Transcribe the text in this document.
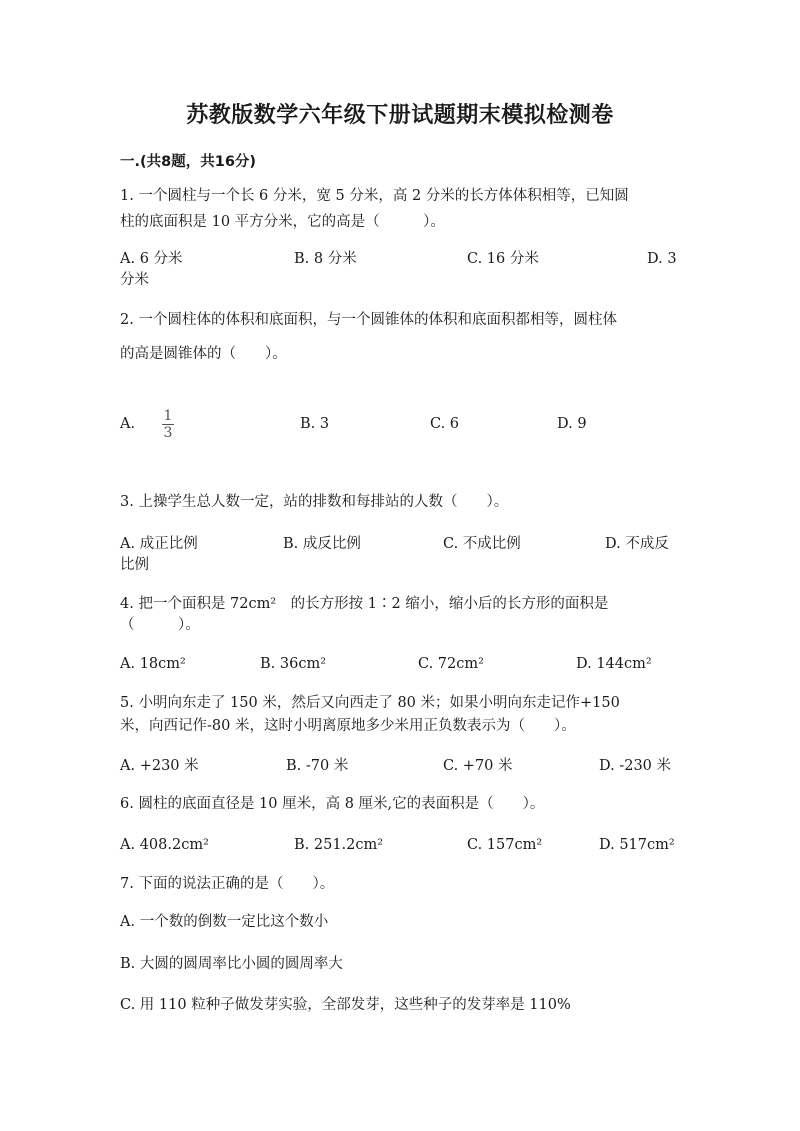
苏教版数学六年级下册试题期末模拟检测卷
一.(共8题，共16分)
1. 一个圆柱与一个长 6 分米，宽 5 分米，高 2 分米的长方体体积相等，已知圆
柱的底面积是 10 平方分米，它的高是（　　　）。
A. 6 分米	B. 8 分米	C. 16 分米	D. 3
分米
2. 一个圆柱体的体积和底面积，与一个圆锥体的体积和底面积都相等，圆柱体
的高是圆锥体的（　　）。
A.	1
3
B. 3	C. 6	D. 9
3. 上操学生总人数一定，站的排数和每排站的人数（　　）。
A. 成正比例	B. 成反比例	C. 不成比例	D. 不成反
比例
4. 把一个面积是 72cm²　的长方形按 1∶2 缩小，缩小后的长方形的面积是
（　　　）。
A. 18cm²	B. 36cm²	C. 72cm²	D. 144cm²
5. 小明向东走了 150 米，然后又向西走了 80 米；如果小明向东走记作+150
米，向西记作-80 米，这时小明离原地多少米用正负数表示为（　　）。
A. +230 米	B. -70 米	C. +70 米	D. -230 米
6. 圆柱的底面直径是 10 厘米，高 8 厘米,它的表面积是（　　）。
A. 408.2cm²	B. 251.2cm²	C. 157cm²	D. 517cm²
7. 下面的说法正确的是（　　）。
A. 一个数的倒数一定比这个数小
B. 大圆的圆周率比小圆的圆周率大
C. 用 110 粒种子做发芽实验，全部发芽，这些种子的发芽率是 110%
